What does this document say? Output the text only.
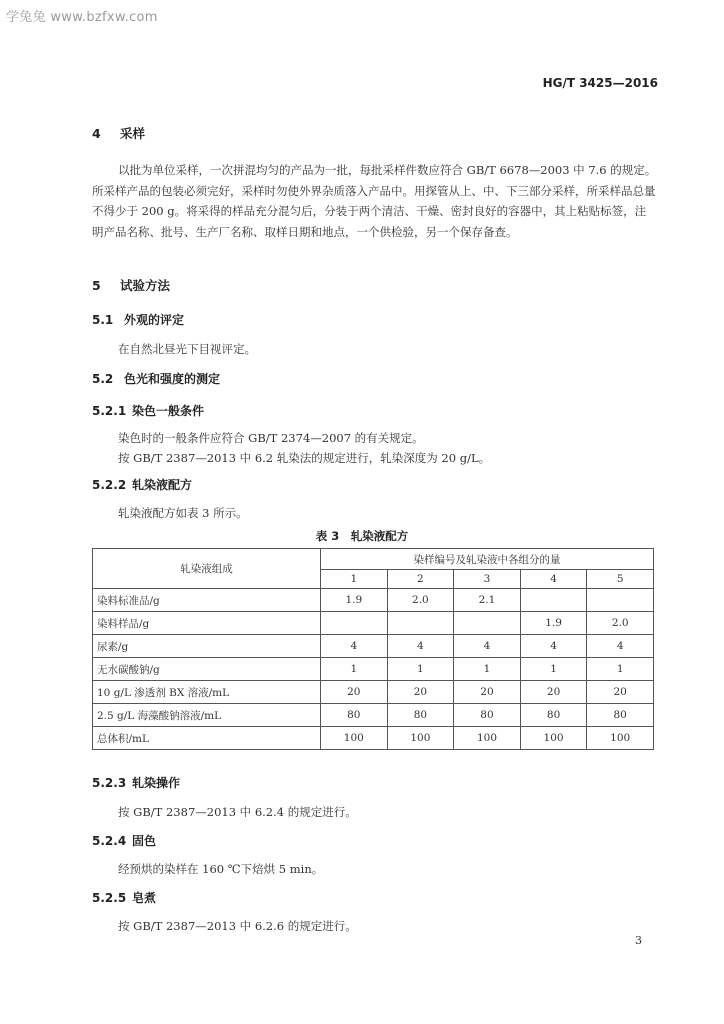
学兔兔 www.bzfxw.com
HG/T 3425—2016
4 采样
以批为单位采样，一次拼混均匀的产品为一批，每批采样件数应符合 GB/T 6678—2003 中 7.6 的规定。所采样产品的包装必须完好，采样时勿使外界杂质落入产品中。用探管从上、中、下三部分采样，所采样品总量不得少于 200 g。将采得的样品充分混匀后，分装于两个清洁、干燥、密封良好的容器中，其上粘贴标签，注明产品名称、批号、生产厂名称、取样日期和地点，一个供检验，另一个保存备查。
5 试验方法
5.1 外观的评定
在自然北昼光下目视评定。
5.2 色光和强度的测定
5.2.1 染色一般条件
染色时的一般条件应符合 GB/T 2374—2007 的有关规定。
按 GB/T 2387—2013 中 6.2 轧染法的规定进行，轧染深度为 20 g/L。
5.2.2 轧染液配方
轧染液配方如表 3 所示。
表 3　轧染液配方
轧染液组成	染样编号及轧染液中各组分的量				
	1	2	3	4	5
染料标准品/g	1.9	2.0	2.1		
染料样品/g				1.9	2.0
尿素/g	4	4	4	4	4
无水碳酸钠/g	1	1	1	1	1
10 g/L 渗透剂 BX 溶液/mL	20	20	20	20	20
2.5 g/L 海藻酸钠溶液/mL	80	80	80	80	80
总体积/mL	100	100	100	100	100
5.2.3 轧染操作
按 GB/T 2387—2013 中 6.2.4 的规定进行。
5.2.4 固色
经预烘的染样在 160 ℃下焙烘 5 min。
5.2.5 皂煮
按 GB/T 2387—2013 中 6.2.6 的规定进行。
3
